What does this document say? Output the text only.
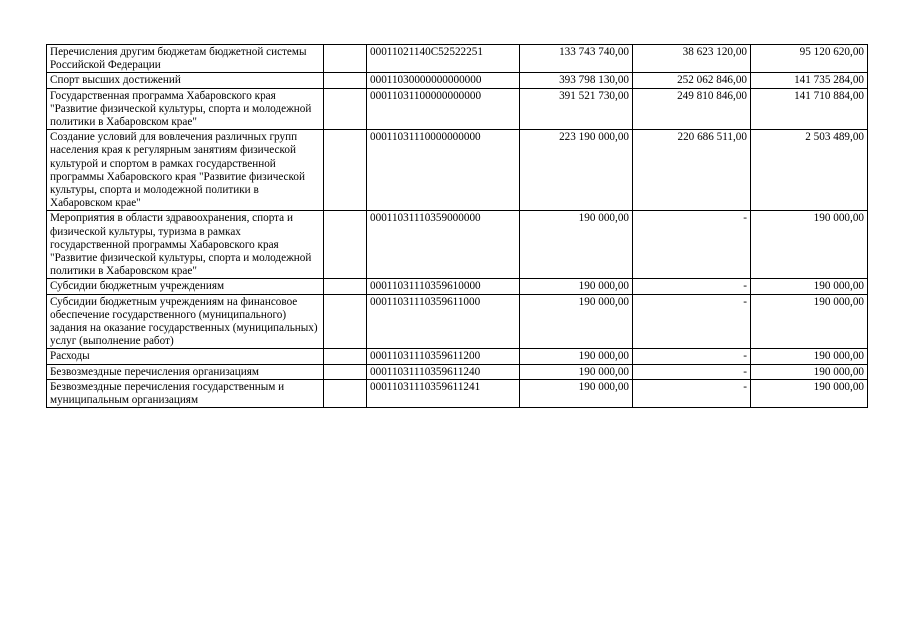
Перечисления другим бюджетам бюджетной системы Российской Федерации		00011021140С52522251	133 743 740,00	38 623 120,00	95 120 620,00
Спорт высших достижений		00011030000000000000	393 798 130,00	252 062 846,00	141 735 284,00
Государственная программа Хабаровского края "Развитие физической культуры, спорта и молодежной политики в Хабаровском крае"		00011031100000000000	391 521 730,00	249 810 846,00	141 710 884,00
Создание условий для вовлечения различных групп населения края к регулярным занятиям физической культурой и спортом в рамках государственной программы Хабаровского края "Развитие физической культуры, спорта и молодежной политики в Хабаровском крае"		00011031110000000000	223 190 000,00	220 686 511,00	2 503 489,00
Мероприятия в области здравоохранения, спорта и физической культуры, туризма в рамках государственной программы Хабаровского края "Развитие физической культуры, спорта и молодежной политики в Хабаровском крае"		00011031110359000000	190 000,00	-	190 000,00
Субсидии бюджетным учреждениям		00011031110359610000	190 000,00	-	190 000,00
Субсидии бюджетным учреждениям на финансовое обеспечение государственного (муниципального) задания на оказание государственных (муниципальных) услуг (выполнение работ)		00011031110359611000	190 000,00	-	190 000,00
Расходы		00011031110359611200	190 000,00	-	190 000,00
Безвозмездные перечисления организациям		00011031110359611240	190 000,00	-	190 000,00
Безвозмездные перечисления государственным и муниципальным организациям		00011031110359611241	190 000,00	-	190 000,00
